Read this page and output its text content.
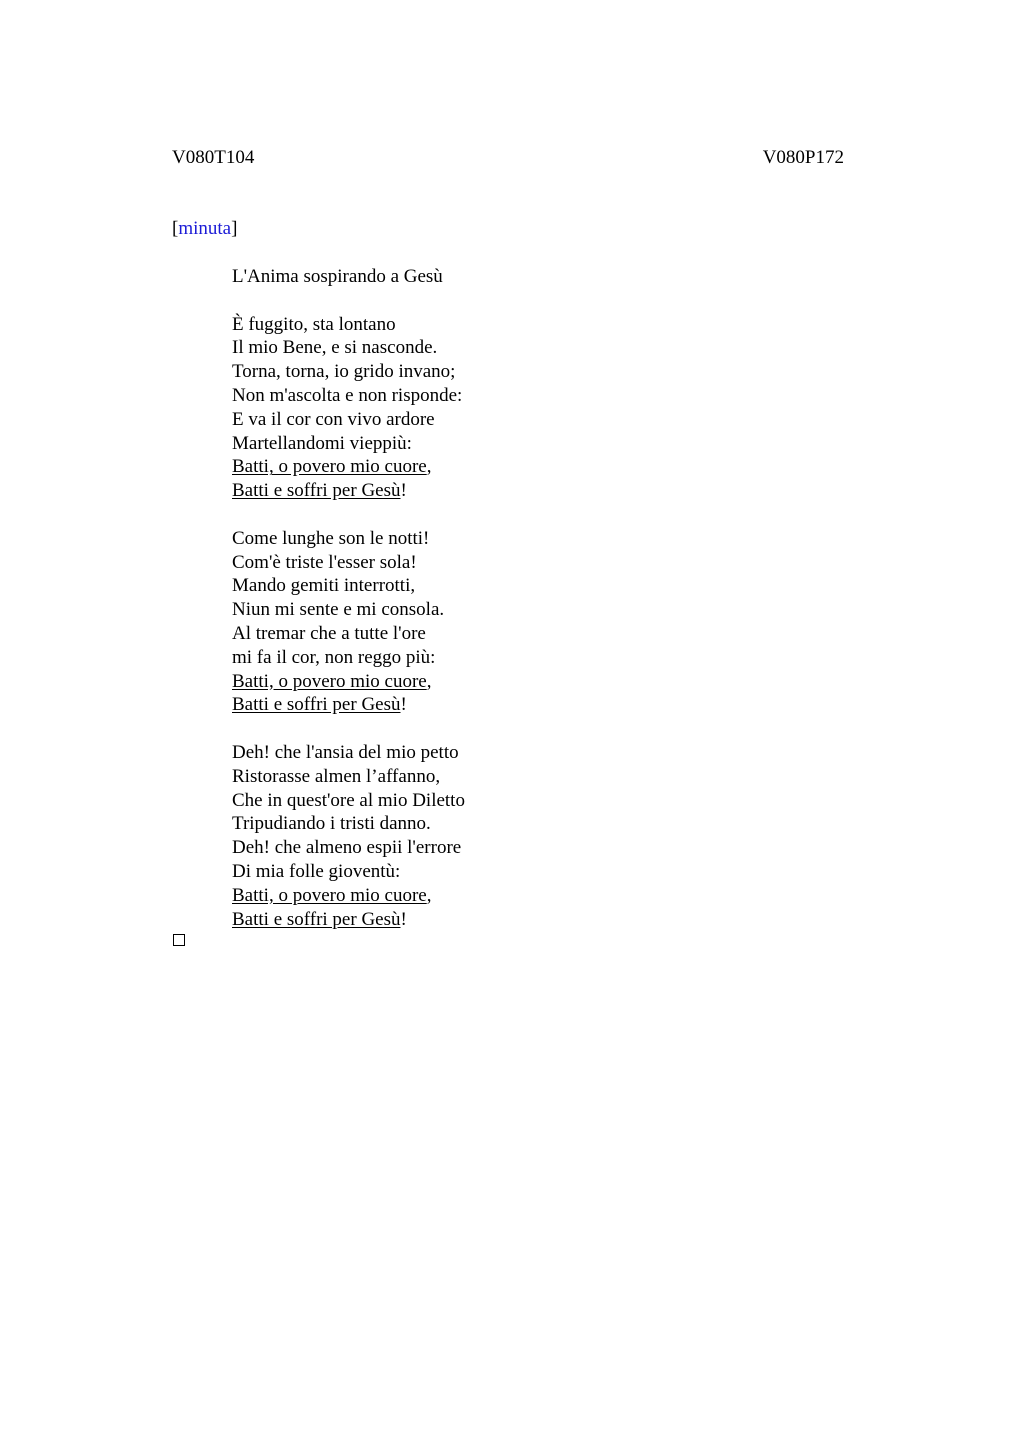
V080T104	V080P172
[minuta]
L'Anima sospirando a Gesù
È fuggito, sta lontano
Il mio Bene, e si nasconde.
Torna, torna, io grido invano;
Non m'ascolta e non risponde:
E va il cor con vivo ardore
Martellandomi vieppiù:
Batti, o povero mio cuore,
Batti e soffri per Gesù!
Come lunghe son le notti!
Com'è triste l'esser sola!
Mando gemiti interrotti,
Niun mi sente e mi consola.
Al tremar che a tutte l'ore
mi fa il cor, non reggo più:
Batti, o povero mio cuore,
Batti e soffri per Gesù!
Deh! che l'ansia del mio petto
Ristorasse almen l’affanno,
Che in quest'ore al mio Diletto
Tripudiando i tristi danno.
Deh! che almeno espii l'errore
Di mia folle gioventù:
Batti, o povero mio cuore,
Batti e soffri per Gesù!
